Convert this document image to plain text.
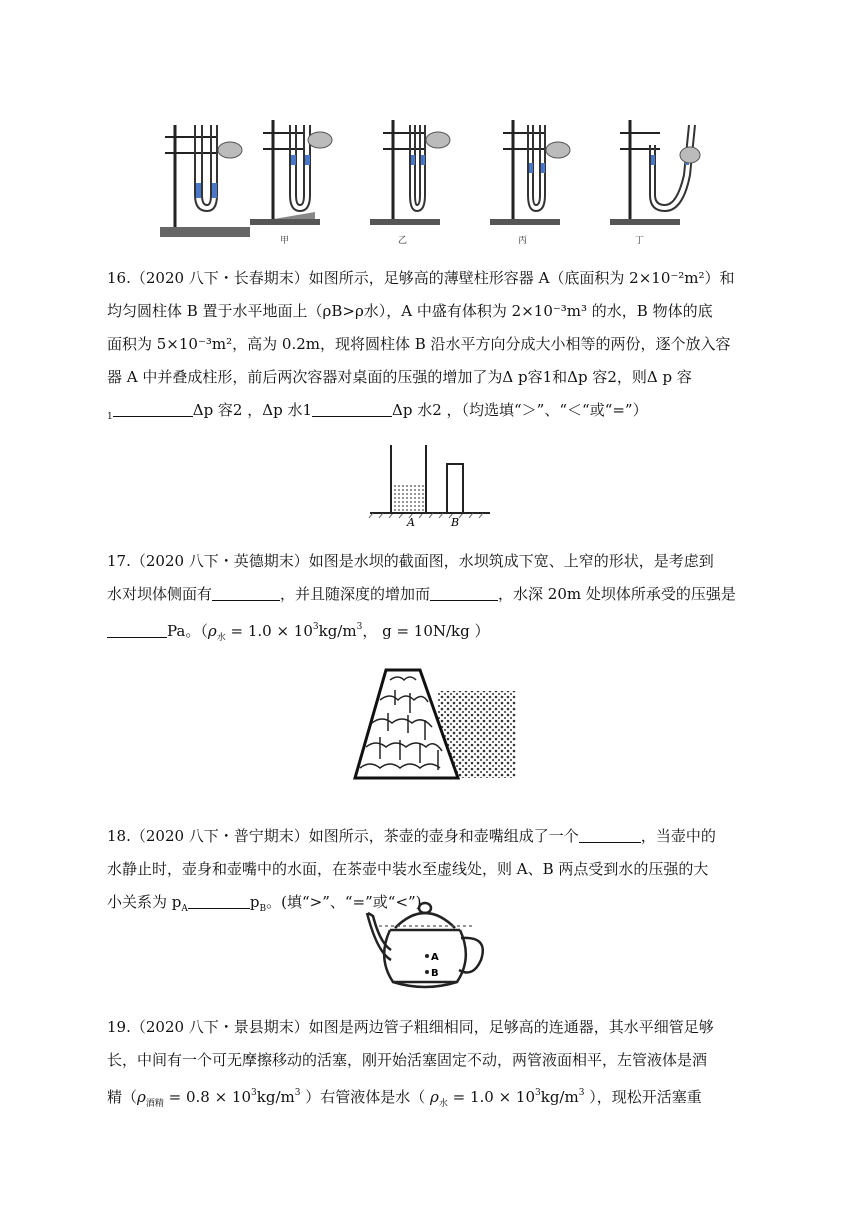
甲	乙	丙	丁
16.（2020 八下・长春期末）如图所示，足够高的薄壁柱形容器 A（底面积为 2×10⁻²m²）和
均匀圆柱体 B 置于水平地面上（ρB>ρ水），A 中盛有体积为 2×10⁻³m³ 的水，B 物体的底
面积为 5×10⁻³m²，高为 0.2m，现将圆柱体 B 沿水平方向分成大小相等的两份，逐个放入容
器 A 中并叠成柱形，前后两次容器对桌面的压强的增加了为Δ p容1和Δp 容2，则Δ p 容
$_1$	Δp 容2 ，Δp 水1	Δp 水2 ，（均选填“＞”、“＜“或“=”）
A	B
17.（2020 八下・英德期末）如图是水坝的截面图，水坝筑成下宽、上窄的形状，是考虑到
水对坝体侧面有	，并且随深度的增加而	，水深 20m 处坝体所承受的压强是
Pa。（$\rho_水 = 1.0 \times 10^3kg/m^3$， g = 10N/kg ）
18.（2020 八下・普宁期末）如图所示，茶壶的壶身和壶嘴组成了一个	，当壶中的
水静止时，壶身和壶嘴中的水面，在茶壶中装水至虚线处，则 A、B 两点受到水的压强的大
小关系为 $p_A$	$p_B$。(填“>”、“=”或“<”)
A
B
19.（2020 八下・景县期末）如图是两边管子粗细相同，足够高的连通器，其水平细管足够
长，中间有一个可无摩擦移动的活塞，刚开始活塞固定不动，两管液面相平，左管液体是酒
精（$\rho_{酒精} = 0.8 \times 10^3kg/m^3$ ）右管液体是水（ $\rho_水 = 1.0 \times 10^3kg/m^3$ ），现松开活塞重
